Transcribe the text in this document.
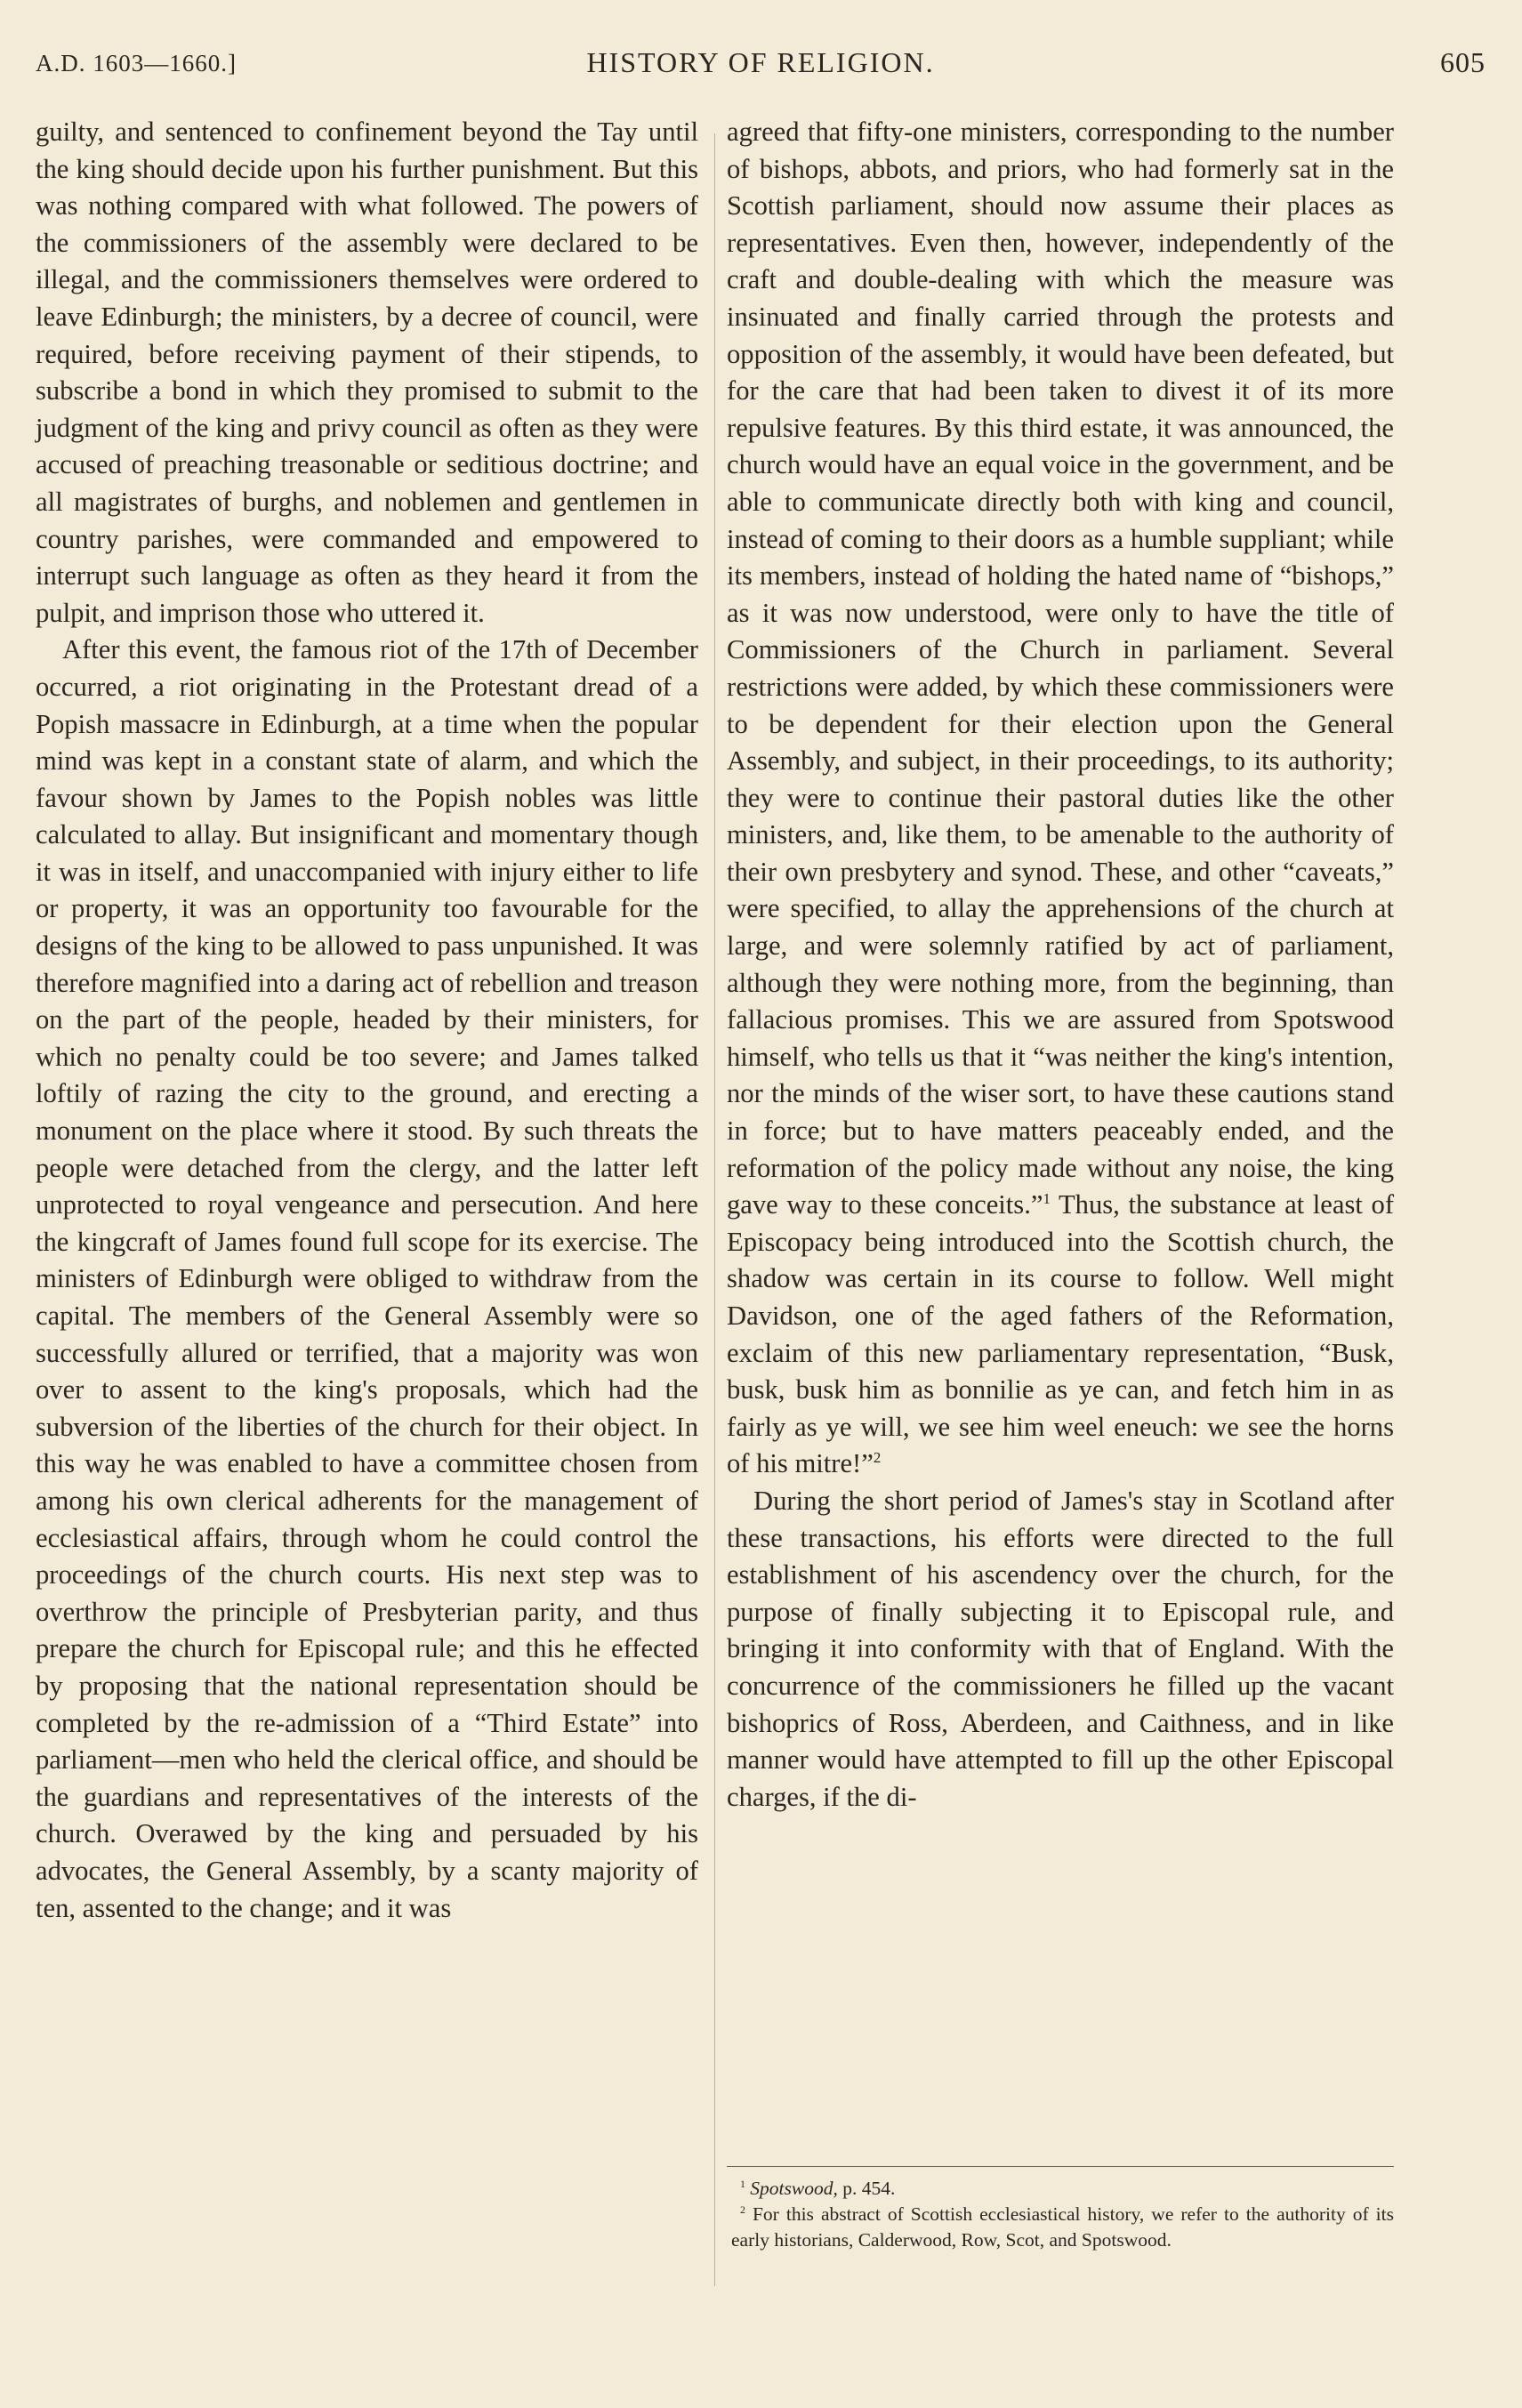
A.D. 1603—1660.]	HISTORY OF RELIGION.	605

guilty, and sentenced to confinement beyond the Tay until the king should decide upon his further punishment. But this was nothing compared with what followed. The powers of the commissioners of the assembly were declared to be illegal, and the commissioners themselves were ordered to leave Edinburgh; the ministers, by a decree of council, were required, before receiving payment of their stipends, to subscribe a bond in which they promised to submit to the judgment of the king and privy council as often as they were accused of preaching treasonable or seditious doctrine; and all magistrates of burghs, and noblemen and gentlemen in country parishes, were commanded and empowered to interrupt such language as often as they heard it from the pulpit, and imprison those who uttered it.

After this event, the famous riot of the 17th of December occurred, a riot originating in the Protestant dread of a Popish massacre in Edinburgh, at a time when the popular mind was kept in a constant state of alarm, and which the favour shown by James to the Popish nobles was little calculated to allay. But insignificant and momentary though it was in itself, and unaccompanied with injury either to life or property, it was an opportunity too favourable for the designs of the king to be allowed to pass unpunished. It was therefore magnified into a daring act of rebellion and treason on the part of the people, headed by their ministers, for which no penalty could be too severe; and James talked loftily of razing the city to the ground, and erecting a monument on the place where it stood. By such threats the people were detached from the clergy, and the latter left unprotected to royal vengeance and persecution. And here the kingcraft of James found full scope for its exercise. The ministers of Edinburgh were obliged to withdraw from the capital. The members of the General Assembly were so successfully allured or terrified, that a majority was won over to assent to the king's proposals, which had the subversion of the liberties of the church for their object. In this way he was enabled to have a committee chosen from among his own clerical adherents for the management of ecclesiastical affairs, through whom he could control the proceedings of the church courts. His next step was to overthrow the principle of Presbyterian parity, and thus prepare the church for Episcopal rule; and this he effected by proposing that the national representation should be completed by the re-admission of a “Third Estate” into parliament—men who held the clerical office, and should be the guardians and representatives of the interests of the church. Overawed by the king and persuaded by his advocates, the General Assembly, by a scanty majority of ten, assented to the change; and it was

agreed that fifty-one ministers, corresponding to the number of bishops, abbots, and priors, who had formerly sat in the Scottish parliament, should now assume their places as representatives. Even then, however, independently of the craft and double-dealing with which the measure was insinuated and finally carried through the protests and opposition of the assembly, it would have been defeated, but for the care that had been taken to divest it of its more repulsive features. By this third estate, it was announced, the church would have an equal voice in the government, and be able to communicate directly both with king and council, instead of coming to their doors as a humble suppliant; while its members, instead of holding the hated name of “bishops,” as it was now understood, were only to have the title of Commissioners of the Church in parliament. Several restrictions were added, by which these commissioners were to be dependent for their election upon the General Assembly, and subject, in their proceedings, to its authority; they were to continue their pastoral duties like the other ministers, and, like them, to be amenable to the authority of their own presbytery and synod. These, and other “caveats,” were specified, to allay the apprehensions of the church at large, and were solemnly ratified by act of parliament, although they were nothing more, from the beginning, than fallacious promises. This we are assured from Spotswood himself, who tells us that it “was neither the king's intention, nor the minds of the wiser sort, to have these cautions stand in force; but to have matters peaceably ended, and the reformation of the policy made without any noise, the king gave way to these conceits.”$^1$ Thus, the substance at least of Episcopacy being introduced into the Scottish church, the shadow was certain in its course to follow. Well might Davidson, one of the aged fathers of the Reformation, exclaim of this new parliamentary representation, “Busk, busk, busk him as bonnilie as ye can, and fetch him in as fairly as ye will, we see him weel eneuch: we see the horns of his mitre!”$^2$

During the short period of James's stay in Scotland after these transactions, his efforts were directed to the full establishment of his ascendency over the church, for the purpose of finally subjecting it to Episcopal rule, and bringing it into conformity with that of England. With the concurrence of the commissioners he filled up the vacant bishoprics of Ross, Aberdeen, and Caithness, and in like manner would have attempted to fill up the other Episcopal charges, if the di-

$^1$ Spotswood, p. 454.

$^2$ For this abstract of Scottish ecclesiastical history, we refer to the authority of its early historians, Calderwood, Row, Scot, and Spotswood.
